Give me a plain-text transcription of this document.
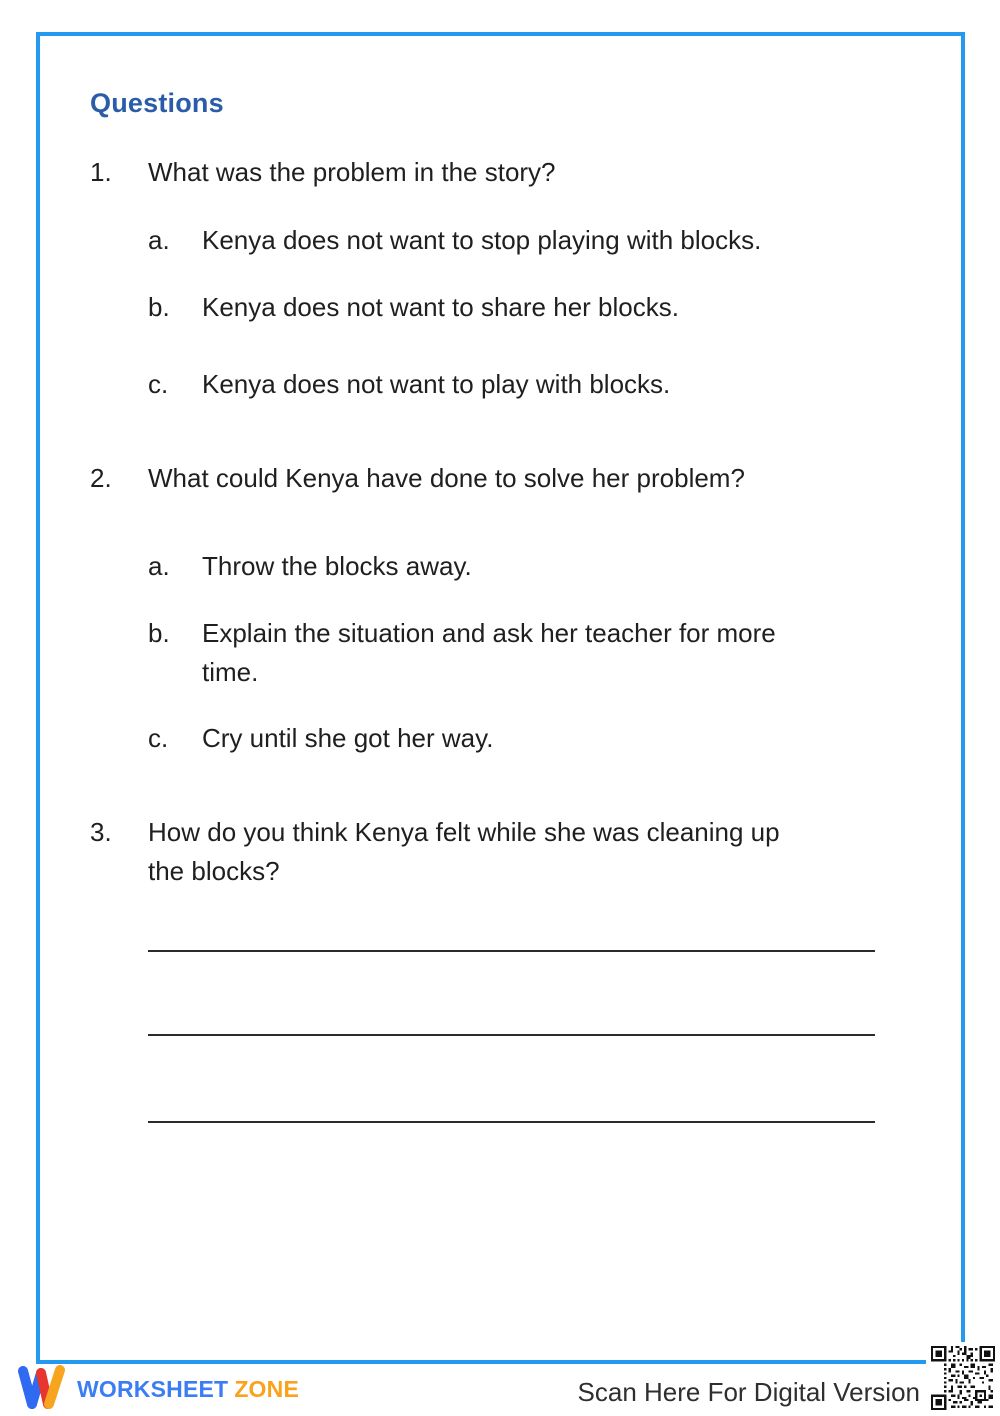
Questions
1.	What was the problem in the story?
a.	Kenya does not want to stop playing with blocks.
b.	Kenya does not want to share her blocks.
c.	Kenya does not want to play with blocks.
2.	What could Kenya have done to solve her problem?
a.	Throw the blocks away.
b.	Explain the situation and ask her teacher for more time.
c.	Cry until she got her way.
3.	How do you think Kenya felt while she was cleaning up the blocks?
WORKSHEET ZONE	Scan Here For Digital Version
